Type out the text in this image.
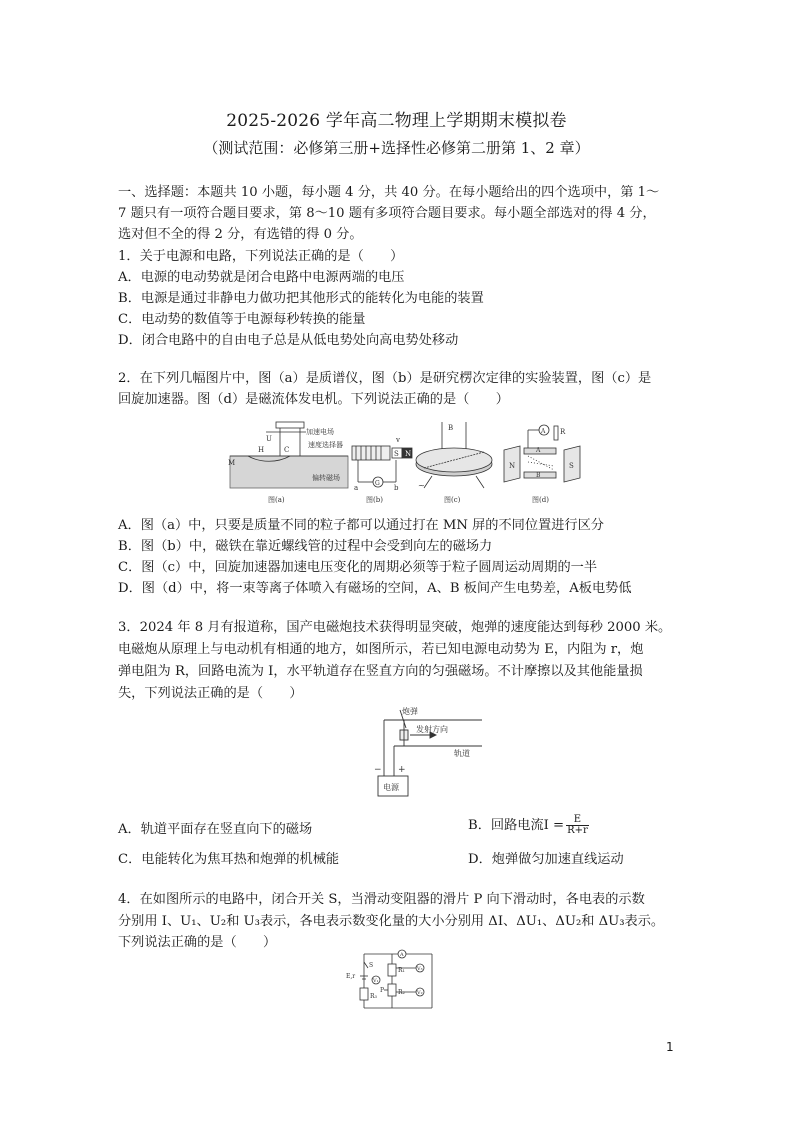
2025-2026 学年高二物理上学期期末模拟卷
（测试范围：必修第三册+选择性必修第二册第 1、2 章）
一、选择题：本题共 10 小题，每小题 4 分，共 40 分。在每小题给出的四个选项中，第 1～
7 题只有一项符合题目要求，第 8～10 题有多项符合题目要求。每小题全部选对的得 4 分，
选对但不全的得 2 分，有选错的得 0 分。
1．关于电源和电路，下列说法正确的是（　　）
A．电源的电动势就是闭合电路中电源两端的电压
B．电源是通过非静电力做功把其他形式的能转化为电能的装置
C．电动势的数值等于电源每秒转换的能量
D．闭合电路中的自由电子总是从低电势处向高电势处移动
2．在下列几幅图片中，图（a）是质谱仪，图（b）是研究楞次定律的实验装置，图（c）是
回旋加速器。图（d）是磁流体发电机。下列说法正确的是（　　）
加速电场
速度选择器
偏转磁场
H	C
M
U
图(a)
S N
v
a
G
b
图(b)
B
~
图(c)
A R
N
A
S
B
图(d)
A．图（a）中，只要是质量不同的粒子都可以通过打在 MN 屏的不同位置进行区分
B．图（b）中，磁铁在靠近螺线管的过程中会受到向左的磁场力
C．图（c）中，回旋加速器加速电压变化的周期必须等于粒子圆周运动周期的一半
D．图（d）中，将一束等离子体喷入有磁场的空间，A、B 板间产生电势差，A板电势低
3．2024 年 8 月有报道称，国产电磁炮技术获得明显突破，炮弹的速度能达到每秒 2000 米。
电磁炮从原理上与电动机有相通的地方，如图所示，若已知电源电动势为 E，内阻为 r，炮
弹电阻为 R，回路电流为 I，水平轨道存在竖直方向的匀强磁场。不计摩擦以及其他能量损
失，下列说法正确的是（　　）
炮弹
发射方向
轨道
电源
− +
A．轨道平面存在竖直向下的磁场	B．回路电流$I = \frac{E}{R+r}$
C．电能转化为焦耳热和炮弹的机械能	D．炮弹做匀加速直线运动
4．在如图所示的电路中，闭合开关 S，当滑动变阻器的滑片 P 向下滑动时，各电表的示数
分别用 I、U₁、U₂和 U₃表示，各电表示数变化量的大小分别用 ΔI、ΔU₁、ΔU₂和 ΔU₃表示。
下列说法正确的是（　　）
S
A
E,r
V₁
R₁ V₃
P R₂ V₂
R₃
1
